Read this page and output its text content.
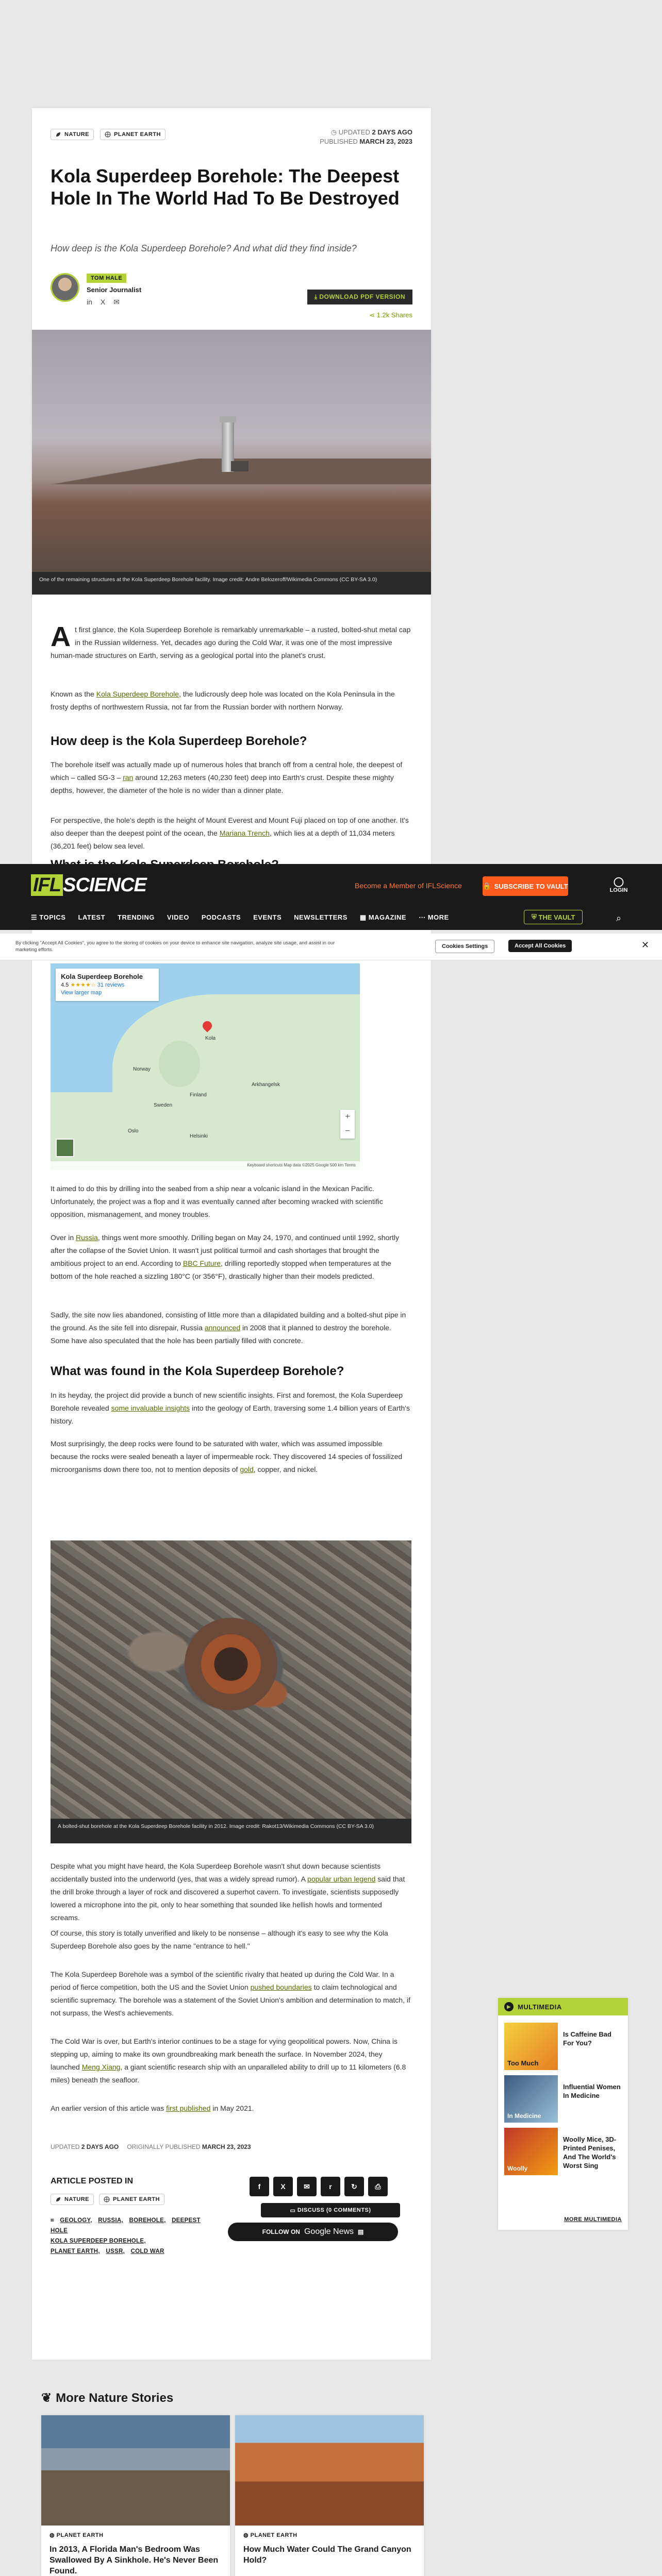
NATURE	PLANET EARTH	◷ UPDATED 2 DAYS AGO
PUBLISHED MARCH 23, 2023
Kola Superdeep Borehole: The Deepest Hole In The World Had To Be Destroyed
How deep is the Kola Superdeep Borehole? And what did they find inside?
TOM HALE
Senior Journalist
in X ✉
⤓ DOWNLOAD PDF VERSION
⋖ 1.2k Shares
One of the remaining structures at the Kola Superdeep Borehole facility. Image credit: Andre Belozeroff/Wikimedia Commons (CC BY-SA 3.0)
At first glance, the Kola Superdeep Borehole is remarkably unremarkable – a rusted, bolted-shut metal cap in the Russian wilderness. Yet, decades ago during the Cold War, it was one of the most impressive human-made structures on Earth, serving as a geological portal into the planet's crust.
Known as the Kola Superdeep Borehole, the ludicrously deep hole was located on the Kola Peninsula in the frosty depths of northwestern Russia, not far from the Russian border with northern Norway.
How deep is the Kola Superdeep Borehole?
The borehole itself was actually made up of numerous holes that branch off from a central hole, the deepest of which – called SG-3 – ran around 12,263 meters (40,230 feet) deep into Earth's crust. Despite these mighty depths, however, the diameter of the hole is no wider than a dinner plate.
For perspective, the hole's depth is the height of Mount Everest and Mount Fuji placed on top of one another. It's also deeper than the deepest point of the ocean, the Mariana Trench, which lies at a depth of 11,034 meters (36,201 feet) below sea level.
Kola
Norway
Sweden
Finland
Arkhangelsk
Helsinki
Oslo
Kola Superdeep Borehole
4.5 ★★★★☆ 31 reviews
View larger map
+
−
Keyboard shortcuts Map data ©2025 Google 500 km Terms
It aimed to do this by drilling into the seabed from a ship near a volcanic island in the Mexican Pacific. Unfortunately, the project was a flop and it was eventually canned after becoming wracked with scientific opposition, mismanagement, and money troubles.
Over in Russia, things went more smoothly. Drilling began on May 24, 1970, and continued until 1992, shortly after the collapse of the Soviet Union. It wasn't just political turmoil and cash shortages that brought the ambitious project to an end. According to BBC Future, drilling reportedly stopped when temperatures at the bottom of the hole reached a sizzling 180°C (or 356°F), drastically higher than their models predicted.
Sadly, the site now lies abandoned, consisting of little more than a dilapidated building and a bolted-shut pipe in the ground. As the site fell into disrepair, Russia announced in 2008 that it planned to destroy the borehole. Some have also speculated that the hole has been partially filled with concrete.
What was found in the Kola Superdeep Borehole?
In its heyday, the project did provide a bunch of new scientific insights. First and foremost, the Kola Superdeep Borehole revealed some invaluable insights into the geology of Earth, traversing some 1.4 billion years of Earth's history.
Most surprisingly, the deep rocks were found to be saturated with water, which was assumed impossible because the rocks were sealed beneath a layer of impermeable rock. They discovered 14 species of fossilized microorganisms down there too, not to mention deposits of gold, copper, and nickel.
A bolted-shut borehole at the Kola Superdeep Borehole facility in 2012. Image credit: Rakot13/Wikimedia Commons (CC BY-SA 3.0)
Despite what you might have heard, the Kola Superdeep Borehole wasn't shut down because scientists accidentally busted into the underworld (yes, that was a widely spread rumor). A popular urban legend said that the drill broke through a layer of rock and discovered a superhot cavern. To investigate, scientists supposedly lowered a microphone into the pit, only to hear something that sounded like hellish howls and tormented screams.
Of course, this story is totally unverified and likely to be nonsense – although it's easy to see why the Kola Superdeep Borehole also goes by the name "entrance to hell."
The Kola Superdeep Borehole was a symbol of the scientific rivalry that heated up during the Cold War. In a period of fierce competition, both the US and the Soviet Union pushed boundaries to claim technological and scientific supremacy. The borehole was a statement of the Soviet Union's ambition and determination to match, if not surpass, the West's achievements.
The Cold War is over, but Earth's interior continues to be a stage for vying geopolitical powers. Now, China is stepping up, aiming to make its own groundbreaking mark beneath the surface. In November 2024, they launched Meng Xiang, a giant scientific research ship with an unparalleled ability to drill up to 11 kilometers (6.8 miles) beneath the seafloor.
An earlier version of this article was first published in May 2021.
UPDATED 2 DAYS AGO ORIGINALLY PUBLISHED MARCH 23, 2023
ARTICLE POSTED IN
NATURE	PLANET EARTH
⌗ GEOLOGY, RUSSIA, BOREHOLE, DEEPEST HOLE
KOLA SUPERDEEP BOREHOLE,
PLANET EARTH, USSR, COLD WAR
f	X	✉	r	↻	⎙
▭
DISCUSS (0 COMMENTS)
FOLLOW ON Google News ▤
IFL SCIENCE	Become a Member of IFLScience	🔒 SUBSCRIBE TO VAULT	◯
LOGIN
☰ TOPICS LATEST TRENDING VIDEO PODCASTS EVENTS NEWSLETTERS ▦ MAGAZINE ⋯ MORE	⛨ THE VAULT	⌕
By clicking "Accept All Cookies", you agree to the storing of cookies on your device to enhance site navigation, analyze site usage, and assist in our marketing efforts.
Cookies Settings	Accept All Cookies	✕
▶	MULTIMEDIA
Too Much
Is Caffeine Bad For You?
In Medicine
Influential Women In Medicine
Woolly
Woolly Mice, 3D-Printed Penises, And The World's Worst Sing
MORE MULTIMEDIA
❦ More Nature Stories
◍ PLANET EARTH
In 2013, A Florida Man's Bedroom Was Swallowed By A Sinkhole. He's Never Been Found.
◍ PLANET EARTH
How Much Water Could The Grand Canyon Hold?
